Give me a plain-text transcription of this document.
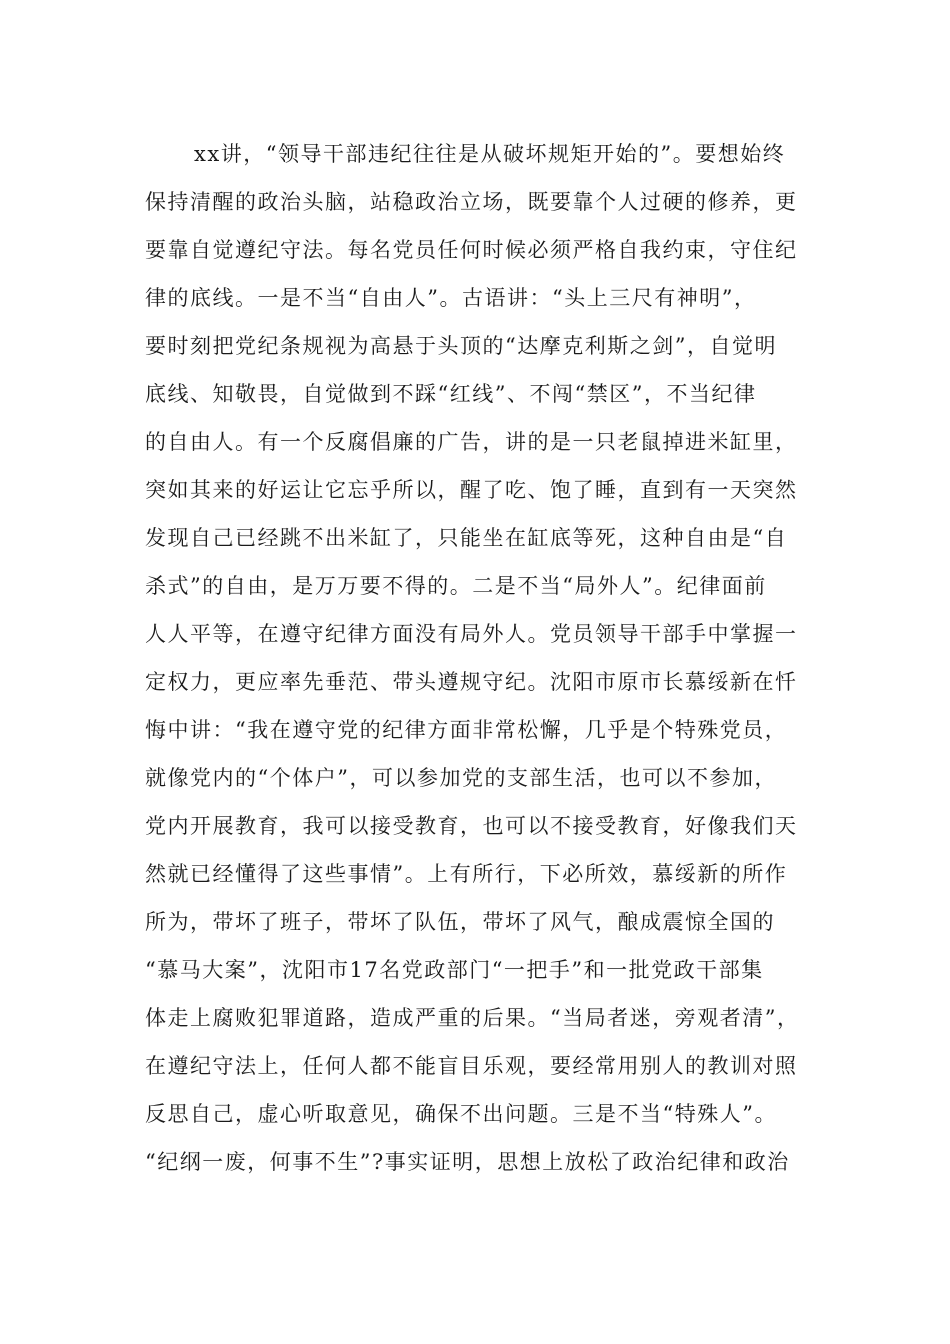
xx讲，“领导干部违纪往往是从破坏规矩开始的”。要想始终
保持清醒的政治头脑，站稳政治立场，既要靠个人过硬的修养，更
要靠自觉遵纪守法。每名党员任何时候必须严格自我约束，守住纪
律的底线。一是不当“自由人”。古语讲：“头上三尺有神明”，
要时刻把党纪条规视为高悬于头顶的“达摩克利斯之剑”，自觉明
底线、知敬畏，自觉做到不踩“红线”、不闯“禁区”，不当纪律
的自由人。有一个反腐倡廉的广告，讲的是一只老鼠掉进米缸里，
突如其来的好运让它忘乎所以，醒了吃、饱了睡，直到有一天突然
发现自己已经跳不出米缸了，只能坐在缸底等死，这种自由是“自
杀式”的自由，是万万要不得的。二是不当“局外人”。纪律面前
人人平等，在遵守纪律方面没有局外人。党员领导干部手中掌握一
定权力，更应率先垂范、带头遵规守纪。沈阳市原市长慕绥新在忏
悔中讲：“我在遵守党的纪律方面非常松懈，几乎是个特殊党员，
就像党内的“个体户”，可以参加党的支部生活，也可以不参加，
党内开展教育，我可以接受教育，也可以不接受教育，好像我们天
然就已经懂得了这些事情”。上有所行，下必所效，慕绥新的所作
所为，带坏了班子，带坏了队伍，带坏了风气，酿成震惊全国的
“慕马大案”，沈阳市17名党政部门“一把手”和一批党政干部集
体走上腐败犯罪道路，造成严重的后果。“当局者迷，旁观者清”，
在遵纪守法上，任何人都不能盲目乐观，要经常用别人的教训对照
反思自己，虚心听取意见，确保不出问题。三是不当“特殊人”。
“纪纲一废，何事不生”?事实证明，思想上放松了政治纪律和政治
